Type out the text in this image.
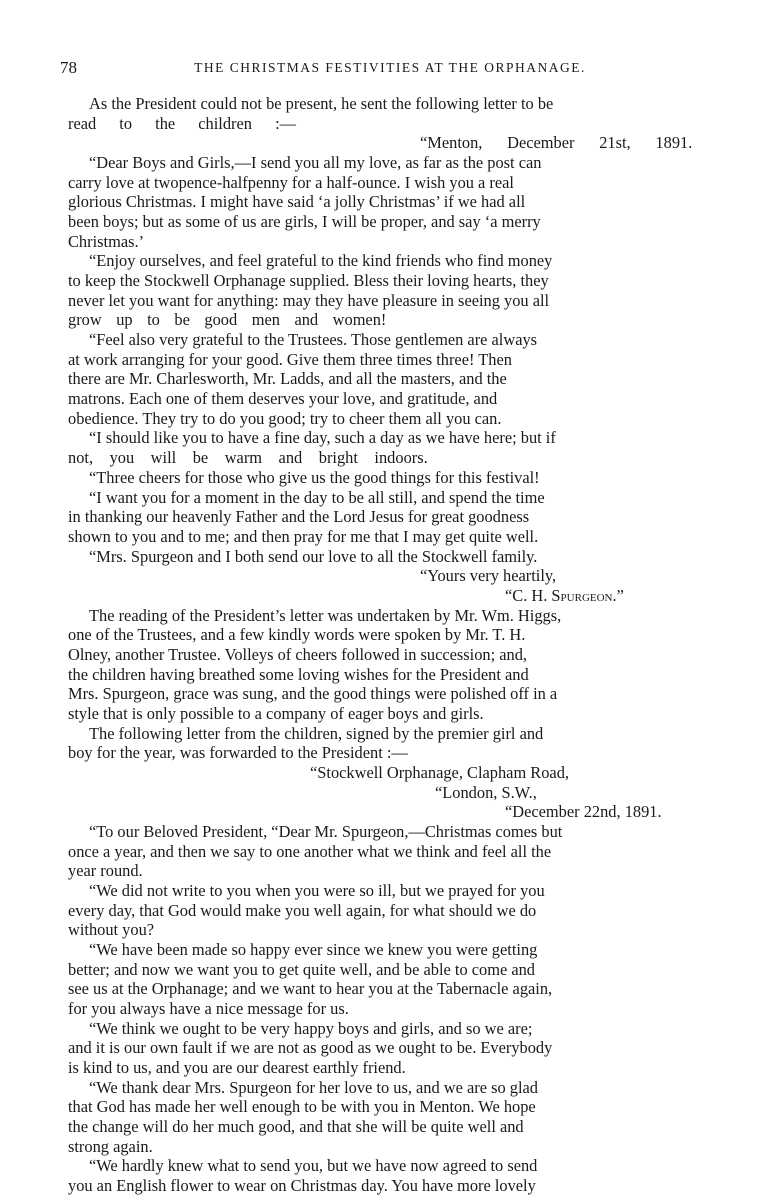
78	THE CHRISTMAS FESTIVITIES AT THE ORPHANAGE.
As the President could not be present, he sent the following letter to be
read to the children :—
“Menton, December 21st, 1891.
“Dear Boys and Girls,—I send you all my love, as far as the post can
carry love at twopence-halfpenny for a half-ounce. I wish you a real
glorious Christmas. I might have said ‘a jolly Christmas’ if we had all
been boys; but as some of us are girls, I will be proper, and say ‘a merry
Christmas.’
“Enjoy ourselves, and feel grateful to the kind friends who find money
to keep the Stockwell Orphanage supplied. Bless their loving hearts, they
never let you want for anything: may they have pleasure in seeing you all
grow up to be good men and women!
“Feel also very grateful to the Trustees. Those gentlemen are always
at work arranging for your good. Give them three times three! Then
there are Mr. Charlesworth, Mr. Ladds, and all the masters, and the
matrons. Each one of them deserves your love, and gratitude, and
obedience. They try to do you good; try to cheer them all you can.
“I should like you to have a fine day, such a day as we have here; but if
not, you will be warm and bright indoors.
“Three cheers for those who give us the good things for this festival!
“I want you for a moment in the day to be all still, and spend the time
in thanking our heavenly Father and the Lord Jesus for great goodness
shown to you and to me; and then pray for me that I may get quite well.
“Mrs. Spurgeon and I both send our love to all the Stockwell family.
“Yours very heartily,
“C. H. Spurgeon.”
The reading of the President’s letter was undertaken by Mr. Wm. Higgs,
one of the Trustees, and a few kindly words were spoken by Mr. T. H.
Olney, another Trustee. Volleys of cheers followed in succession; and,
the children having breathed some loving wishes for the President and
Mrs. Spurgeon, grace was sung, and the good things were polished off in a
style that is only possible to a company of eager boys and girls.
The following letter from the children, signed by the premier girl and
boy for the year, was forwarded to the President :—
“Stockwell Orphanage, Clapham Road,
“London, S.W.,
“December 22nd, 1891.
“To our Beloved President, “Dear Mr. Spurgeon,—Christmas comes but
once a year, and then we say to one another what we think and feel all the
year round.
“We did not write to you when you were so ill, but we prayed for you
every day, that God would make you well again, for what should we do
without you?
“We have been made so happy ever since we knew you were getting
better; and now we want you to get quite well, and be able to come and
see us at the Orphanage; and we want to hear you at the Tabernacle again,
for you always have a nice message for us.
“We think we ought to be very happy boys and girls, and so we are;
and it is our own fault if we are not as good as we ought to be. Everybody
is kind to us, and you are our dearest earthly friend.
“We thank dear Mrs. Spurgeon for her love to us, and we are so glad
that God has made her well enough to be with you in Menton. We hope
the change will do her much good, and that she will be quite well and
strong again.
“We hardly knew what to send you, but we have now agreed to send
you an English flower to wear on Christmas day. You have more lovely
